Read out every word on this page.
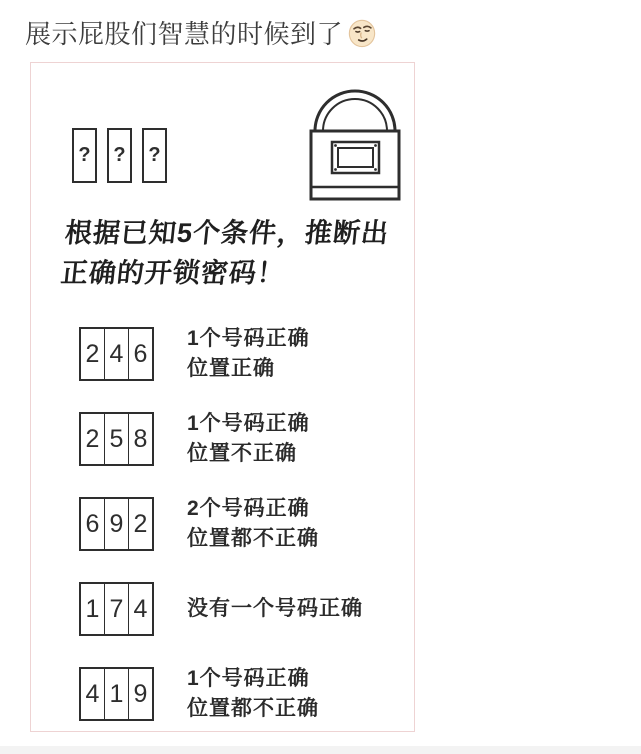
展示屁股们智慧的时候到了
?	?	?
根据已知5个条件，推断出
正确的开锁密码！
2 4 6
1个号码正确
位置正确
2 5 8
1个号码正确
位置不正确
6 9 2
2个号码正确
位置都不正确
1 7 4 没有一个号码正确
4 1 9
1个号码正确
位置都不正确
